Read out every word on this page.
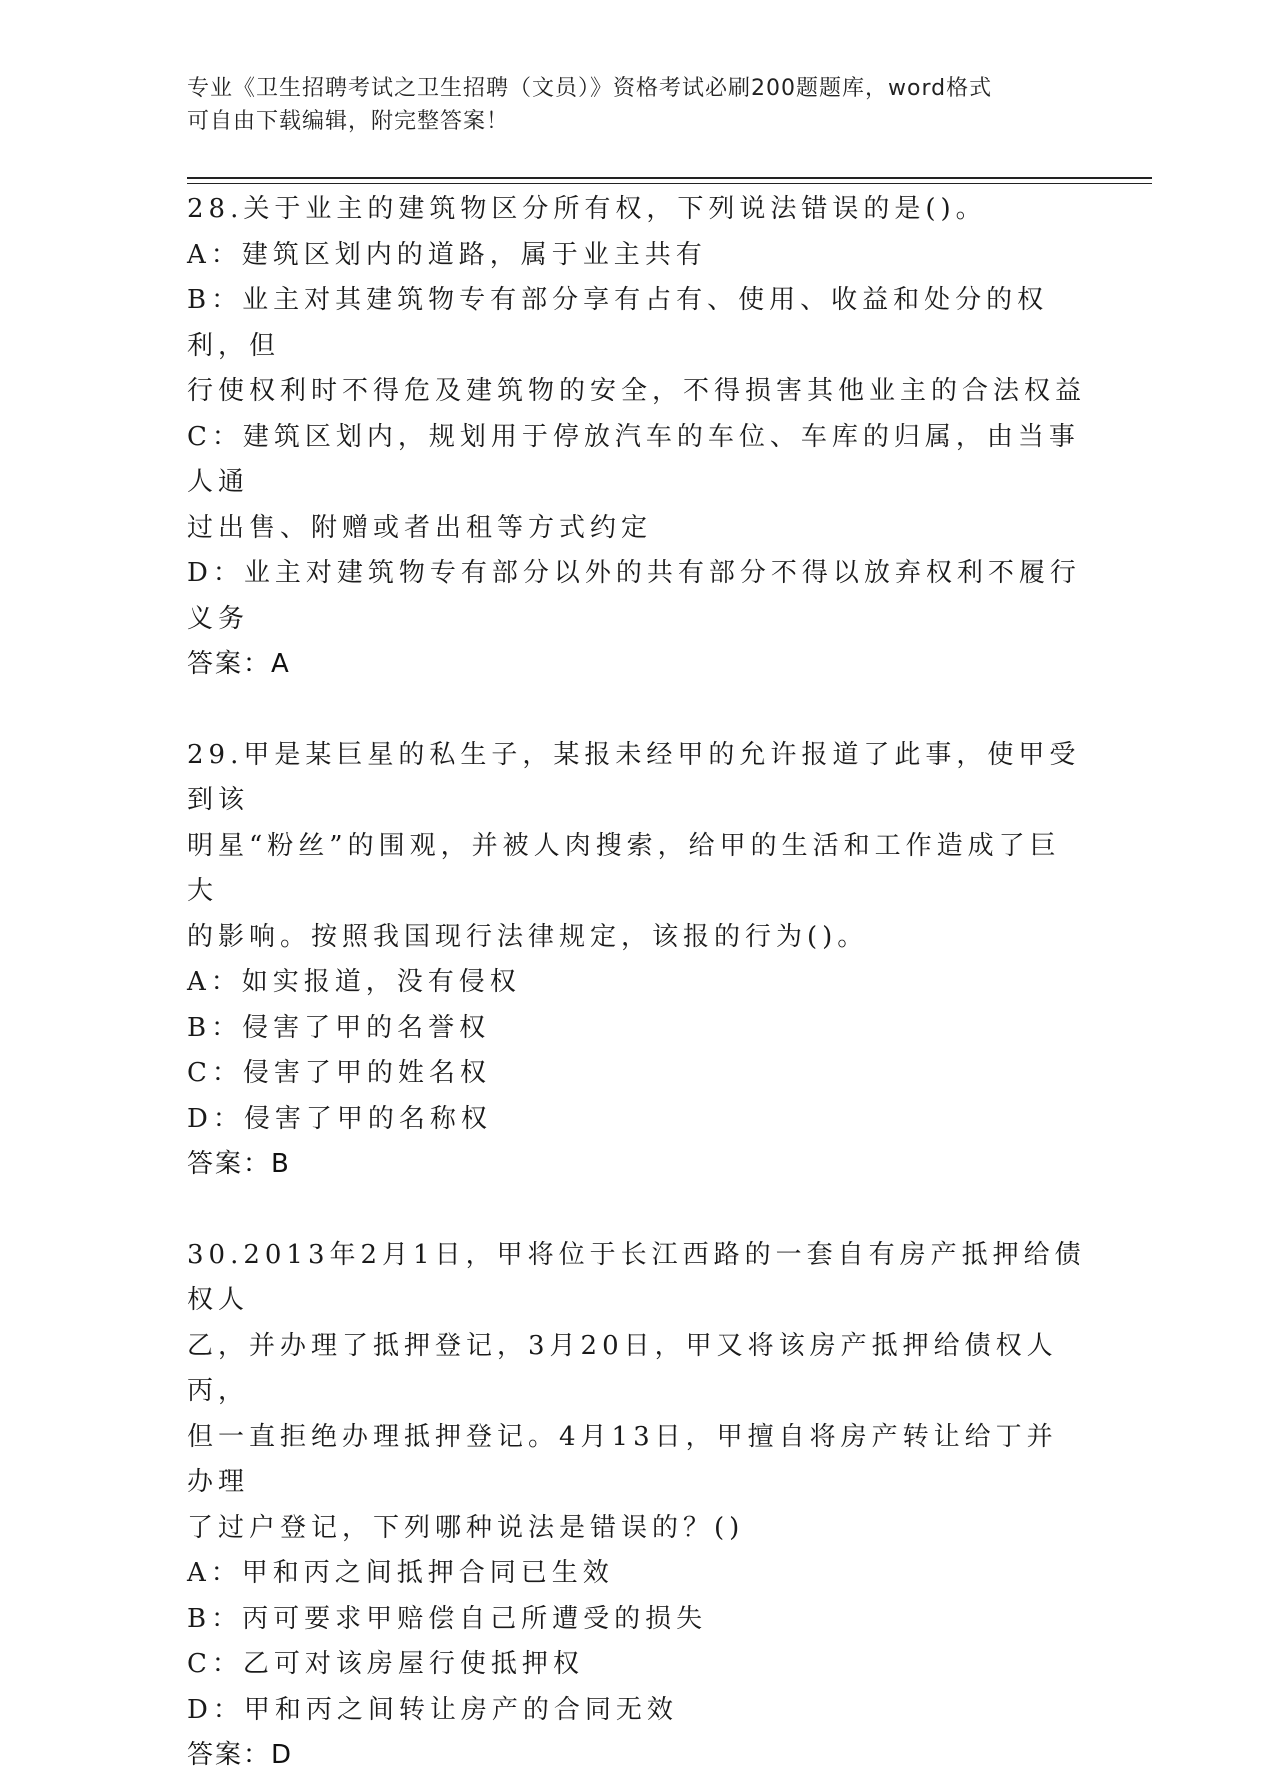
专业《卫生招聘考试之卫生招聘（文员）》资格考试必刷200题题库，word格式
可自由下载编辑，附完整答案！
28.关于业主的建筑物区分所有权，下列说法错误的是()。
A：建筑区划内的道路，属于业主共有
B：业主对其建筑物专有部分享有占有、使用、收益和处分的权利，但
行使权利时不得危及建筑物的安全，不得损害其他业主的合法权益
C：建筑区划内，规划用于停放汽车的车位、车库的归属，由当事人通
过出售、附赠或者出租等方式约定
D：业主对建筑物专有部分以外的共有部分不得以放弃权利不履行义务
答案：A
29.甲是某巨星的私生子，某报未经甲的允许报道了此事，使甲受到该
明星“粉丝”的围观，并被人肉搜索，给甲的生活和工作造成了巨大
的影响。按照我国现行法律规定，该报的行为()。
A：如实报道，没有侵权
B：侵害了甲的名誉权
C：侵害了甲的姓名权
D：侵害了甲的名称权
答案：B
30.2013年2月1日，甲将位于长江西路的一套自有房产抵押给债权人
乙，并办理了抵押登记，3月20日，甲又将该房产抵押给债权人丙，
但一直拒绝办理抵押登记。4月13日，甲擅自将房产转让给丁并办理
了过户登记，下列哪种说法是错误的？()
A：甲和丙之间抵押合同已生效
B：丙可要求甲赔偿自己所遭受的损失
C：乙可对该房屋行使抵押权
D：甲和丙之间转让房产的合同无效
答案：D
